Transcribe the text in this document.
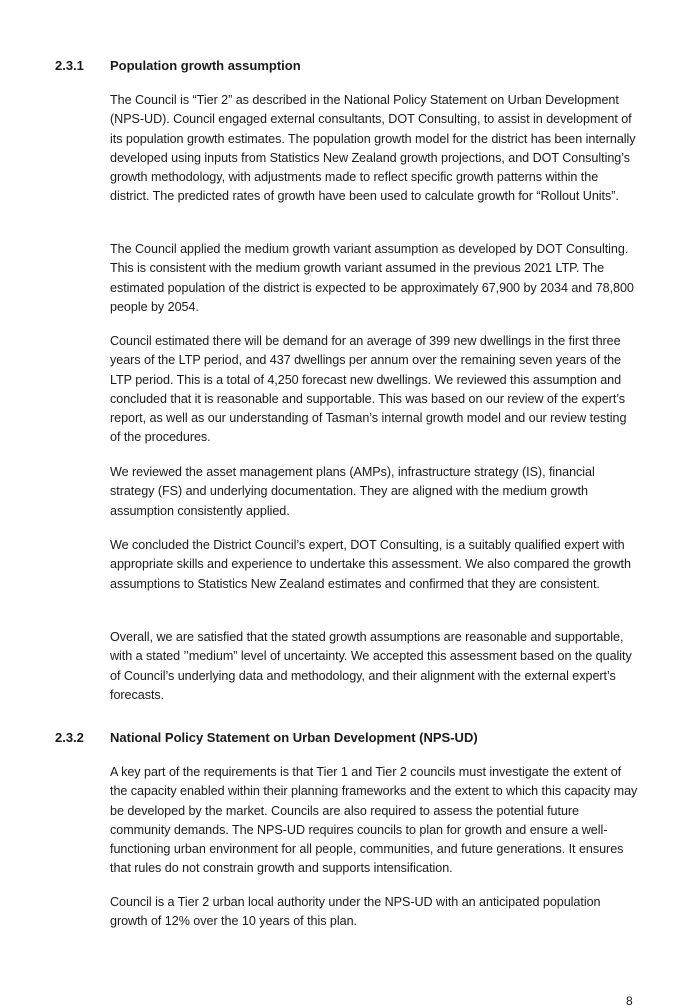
2.3.1 Population growth assumption

The Council is “Tier 2” as described in the National Policy Statement on Urban Development (NPS-UD). Council engaged external consultants, DOT Consulting, to assist in development of its population growth estimates. The population growth model for the district has been internally developed using inputs from Statistics New Zealand growth projections, and DOT Consulting’s growth methodology, with adjustments made to reflect specific growth patterns within the district. The predicted rates of growth have been used to calculate growth for “Rollout Units”.

The Council applied the medium growth variant assumption as developed by DOT Consulting. This is consistent with the medium growth variant assumed in the previous 2021 LTP. The estimated population of the district is expected to be approximately 67,900 by 2034 and 78,800 people by 2054.

Council estimated there will be demand for an average of 399 new dwellings in the first three years of the LTP period, and 437 dwellings per annum over the remaining seven years of the LTP period. This is a total of 4,250 forecast new dwellings. We reviewed this assumption and concluded that it is reasonable and supportable. This was based on our review of the expert’s report, as well as our understanding of Tasman’s internal growth model and our review testing of the procedures.

We reviewed the asset management plans (AMPs), infrastructure strategy (IS), financial strategy (FS) and underlying documentation. They are aligned with the medium growth assumption consistently applied.

We concluded the District Council’s expert, DOT Consulting, is a suitably qualified expert with appropriate skills and experience to undertake this assessment. We also compared the growth assumptions to Statistics New Zealand estimates and confirmed that they are consistent.

Overall, we are satisfied that the stated growth assumptions are reasonable and supportable, with a stated ’’medium” level of uncertainty. We accepted this assessment based on the quality of Council’s underlying data and methodology, and their alignment with the external expert’s forecasts.

2.3.2 National Policy Statement on Urban Development (NPS-UD)

A key part of the requirements is that Tier 1 and Tier 2 councils must investigate the extent of the capacity enabled within their planning frameworks and the extent to which this capacity may be developed by the market. Councils are also required to assess the potential future community demands. The NPS-UD requires councils to plan for growth and ensure a well-functioning urban environment for all people, communities, and future generations. It ensures that rules do not constrain growth and supports intensification.

Council is a Tier 2 urban local authority under the NPS-UD with an anticipated population growth of 12% over the 10 years of this plan.

8
